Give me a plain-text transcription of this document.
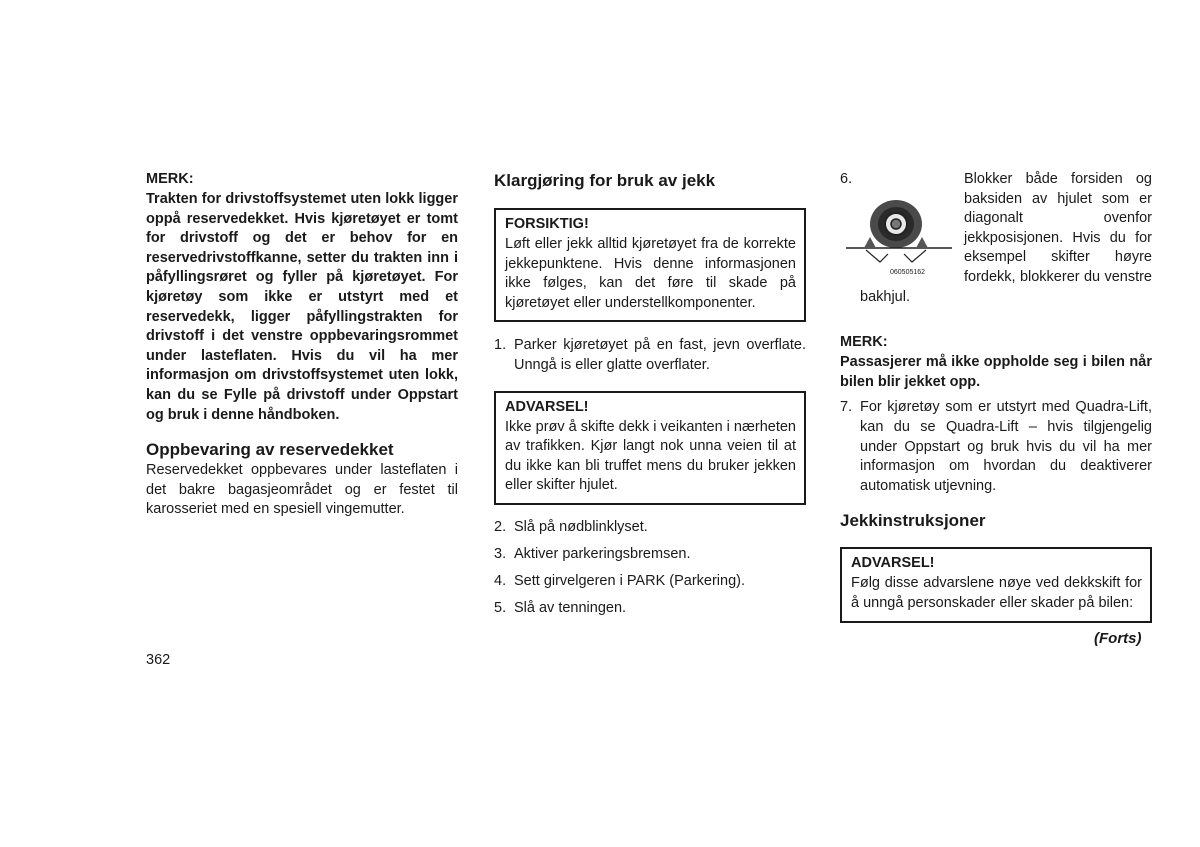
MERK:

Trakten for drivstoffsystemet uten lokk ligger oppå reservedekket. Hvis kjøretøyet er tomt for drivstoff og det er behov for en reservedrivstoffkanne, setter du trakten inn i påfyllingsrøret og fyller på kjøretøyet. For kjøretøy som ikke er utstyrt med et reservedekk, ligger påfyllingstrakten for drivstoff i det venstre oppbevaringsrommet under lasteflaten. Hvis du vil ha mer informasjon om drivstoffsystemet uten lokk, kan du se Fylle på drivstoff under Oppstart og bruk i denne håndboken.

Oppbevaring av reservedekket

Reservedekket oppbevares under lasteflaten i det bakre bagasjeområdet og er festet til karosseriet med en spesiell vingemutter.

Klargjøring for bruk av jekk

FORSIKTIG!

Løft eller jekk alltid kjøretøyet fra de korrekte jekkepunktene. Hvis denne informasjonen ikke følges, kan det føre til skade på kjøretøyet eller understellkomponenter.

1. Parker kjøretøyet på en fast, jevn overflate. Unngå is eller glatte overflater.

ADVARSEL!

Ikke prøv å skifte dekk i veikanten i nærheten av trafikken. Kjør langt nok unna veien til at du ikke kan bli truffet mens du bruker jekken eller skifter hjulet.

2. Slå på nødblinklyset.
3. Aktiver parkeringsbremsen.
4. Sett girvelgeren i PARK (Parkering).
5. Slå av tenningen.
6.
060505162
Blokker både forsiden og baksiden av hjulet som er diagonalt ovenfor jekkposisjonen. Hvis du for eksempel skifter høyre fordekk, blokkerer du venstre bakhjul.

MERK:

Passasjerer må ikke oppholde seg i bilen når bilen blir jekket opp.

7. For kjøretøy som er utstyrt med Quadra-Lift, kan du se Quadra-Lift – hvis tilgjengelig under Oppstart og bruk hvis du vil ha mer informasjon om hvordan du deaktiverer automatisk utjevning.
Jekkinstruksjoner

ADVARSEL!

Følg disse advarslene nøye ved dekkskift for å unngå personskader eller skader på bilen:

(Forts)
362
